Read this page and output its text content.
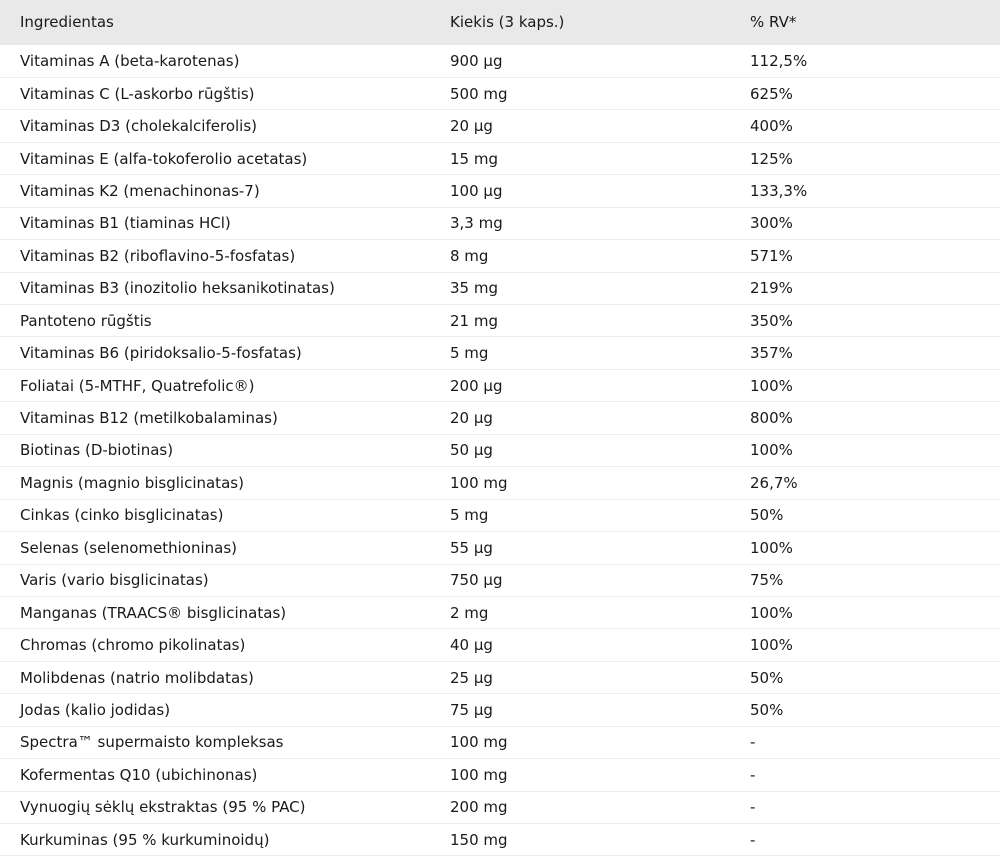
Ingredientas	Kiekis (3 kaps.)	% RV*
Vitaminas A (beta-karotenas)	900 µg	112,5%
Vitaminas C (L-askorbo rūgštis)	500 mg	625%
Vitaminas D3 (cholekalciferolis)	20 µg	400%
Vitaminas E (alfa-tokoferolio acetatas)	15 mg	125%
Vitaminas K2 (menachinonas-7)	100 µg	133,3%
Vitaminas B1 (tiaminas HCl)	3,3 mg	300%
Vitaminas B2 (riboflavino-5-fosfatas)	8 mg	571%
Vitaminas B3 (inozitolio heksanikotinatas)	35 mg	219%
Pantoteno rūgštis	21 mg	350%
Vitaminas B6 (piridoksalio-5-fosfatas)	5 mg	357%
Foliatai (5-MTHF, Quatrefolic®)	200 µg	100%
Vitaminas B12 (metilkobalaminas)	20 µg	800%
Biotinas (D-biotinas)	50 µg	100%
Magnis (magnio bisglicinatas)	100 mg	26,7%
Cinkas (cinko bisglicinatas)	5 mg	50%
Selenas (selenomethioninas)	55 µg	100%
Varis (vario bisglicinatas)	750 µg	75%
Manganas (TRAACS® bisglicinatas)	2 mg	100%
Chromas (chromo pikolinatas)	40 µg	100%
Molibdenas (natrio molibdatas)	25 µg	50%
Jodas (kalio jodidas)	75 µg	50%
Spectra™ supermaisto kompleksas	100 mg	-
Kofermentas Q10 (ubichinonas)	100 mg	-
Vynuogių sėklų ekstraktas (95 % PAC)	200 mg	-
Kurkuminas (95 % kurkuminoidų)	150 mg	-
